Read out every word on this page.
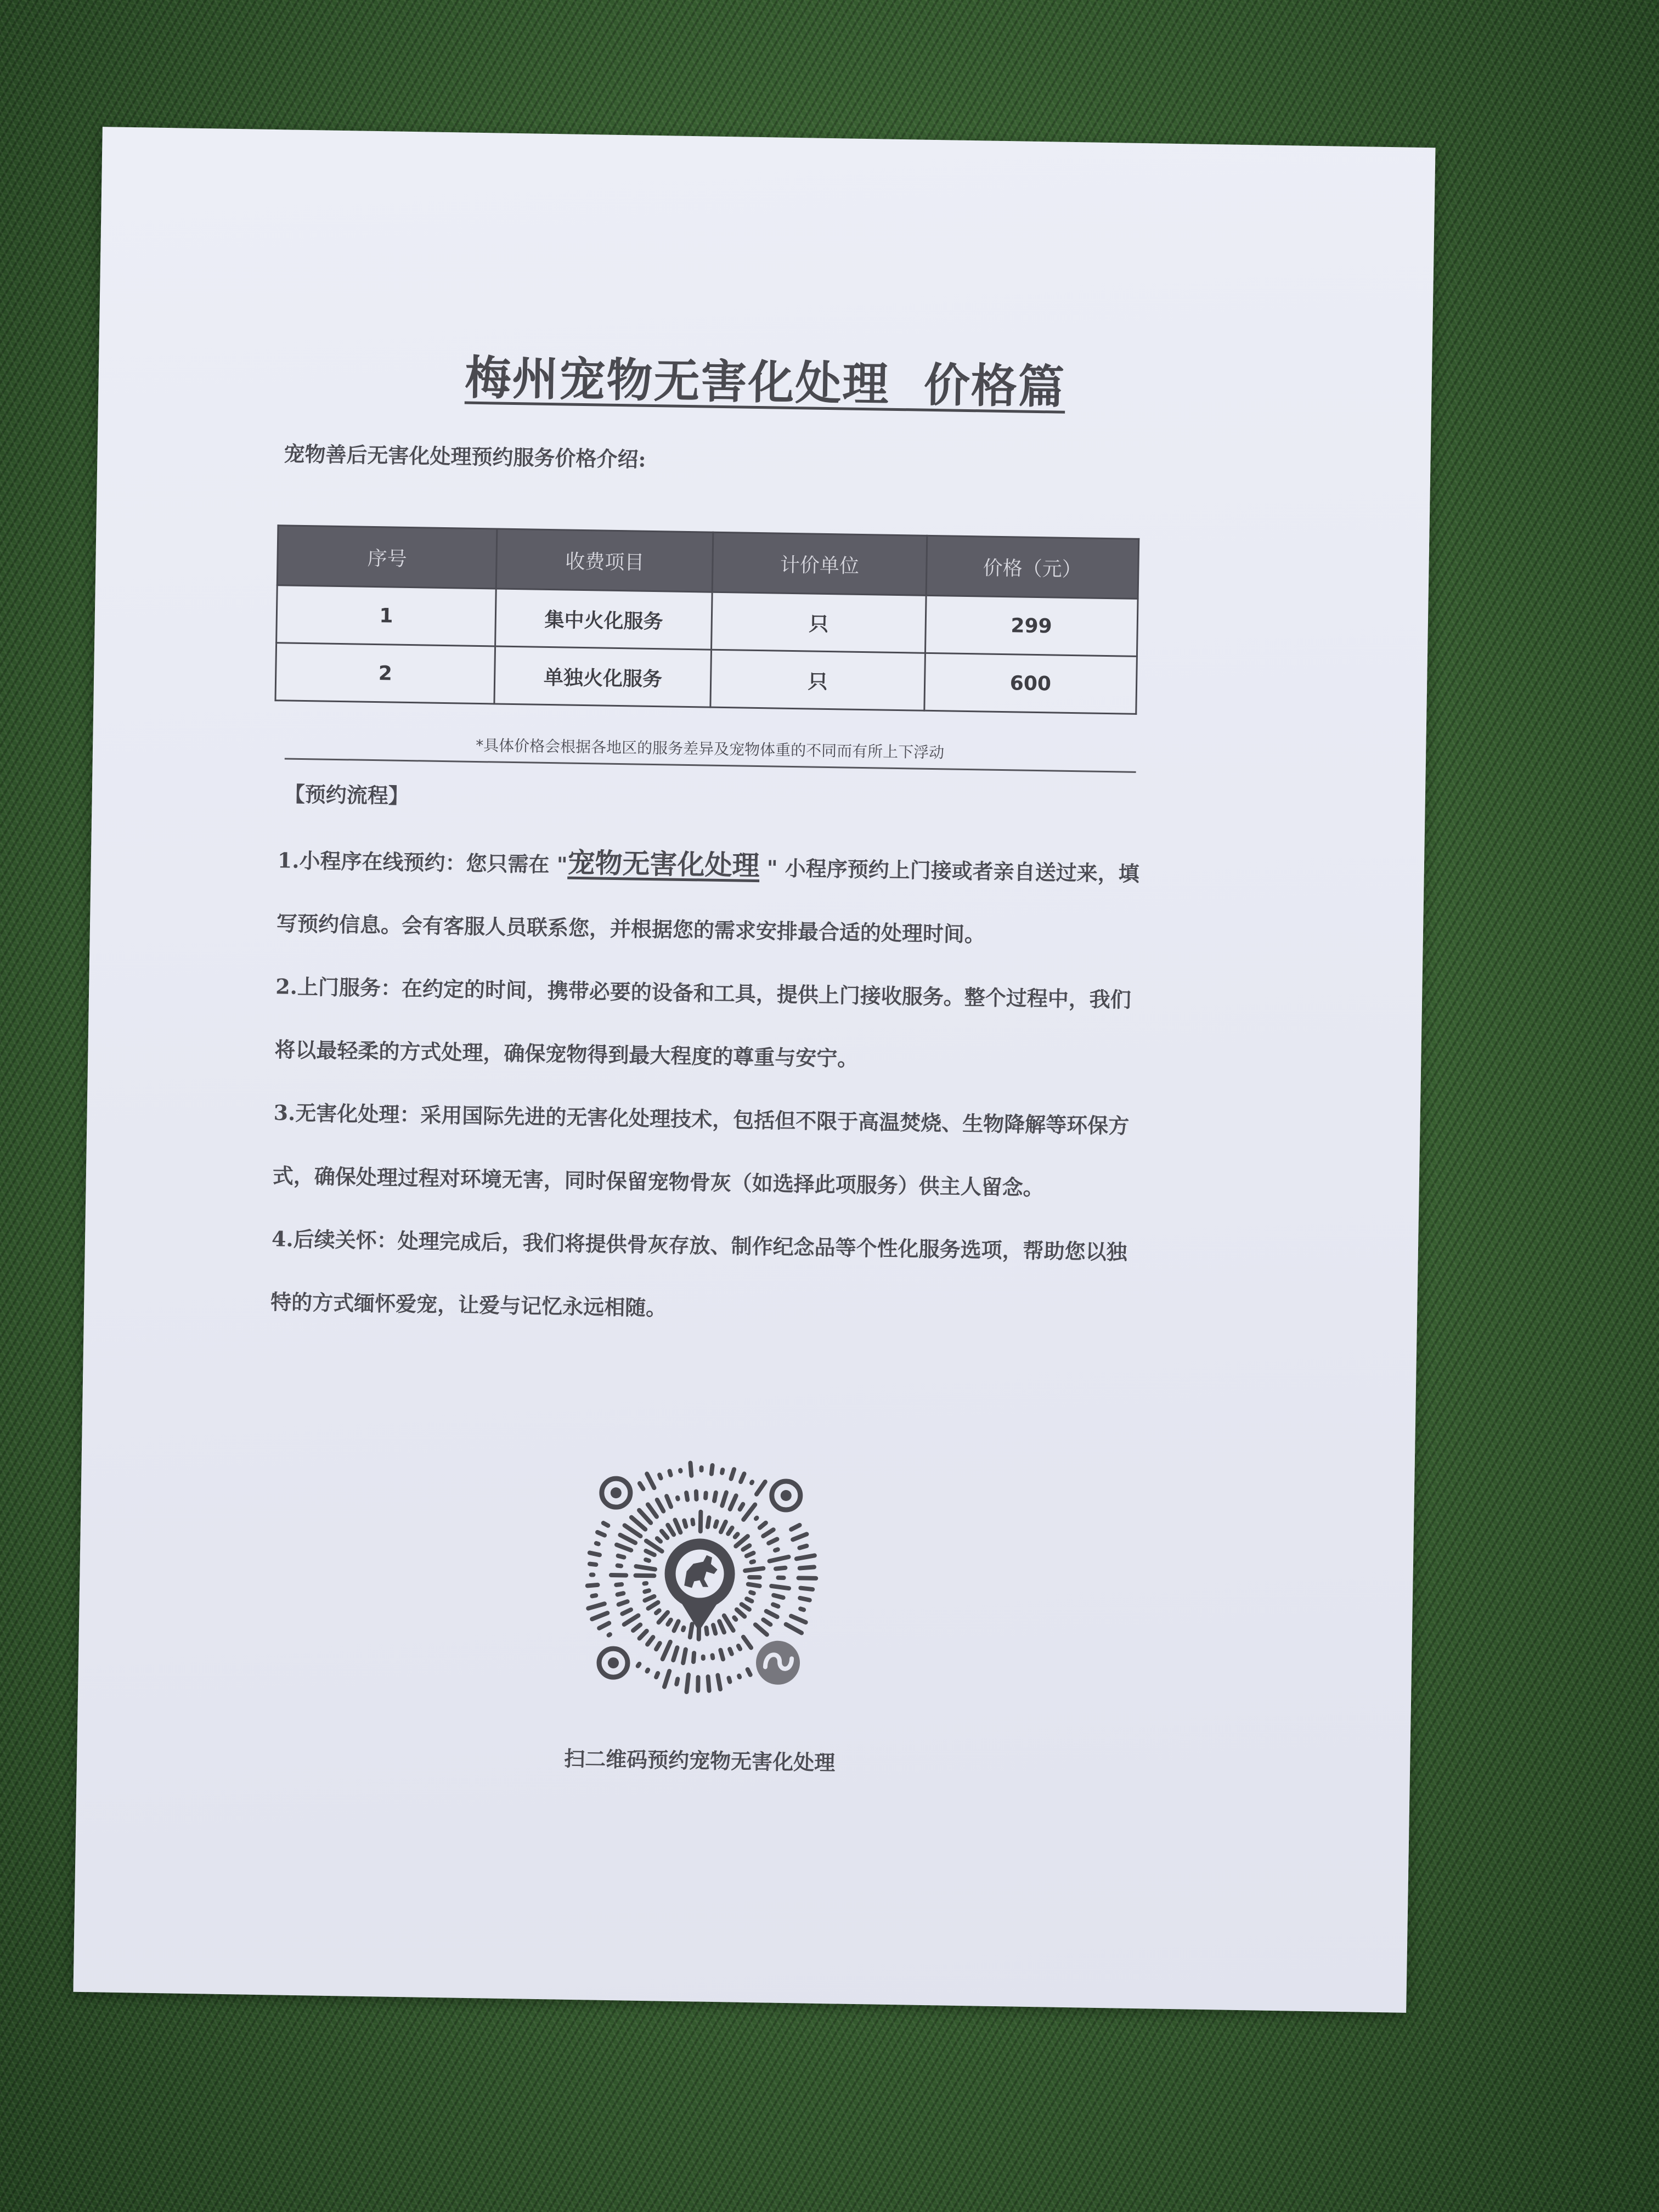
梅州宠物无害化处理  价格篇
宠物善后无害化处理预约服务价格介绍:
序号	收费项目	计价单位	价格（元）
1	集中火化服务	只	299
2	单独火化服务	只	600
*具体价格会根据各地区的服务差异及宠物体重的不同而有所上下浮动
【预约流程】

1.小程序在线预约：您只需在 "宠物无害化处理 " 小程序预约上门接或者亲自送过来，填写预约信息。会有客服人员联系您，并根据您的需求安排最合适的处理时间。

2.上门服务：在约定的时间，携带必要的设备和工具，提供上门接收服务。整个过程中，我们将以最轻柔的方式处理，确保宠物得到最大程度的尊重与安宁。

3.无害化处理：采用国际先进的无害化处理技术，包括但不限于高温焚烧、生物降解等环保方式，确保处理过程对环境无害，同时保留宠物骨灰（如选择此项服务）供主人留念。

4.后续关怀：处理完成后，我们将提供骨灰存放、制作纪念品等个性化服务选项，帮助您以独特的方式缅怀爱宠，让爱与记忆永远相随。

扫二维码预约宠物无害化处理
